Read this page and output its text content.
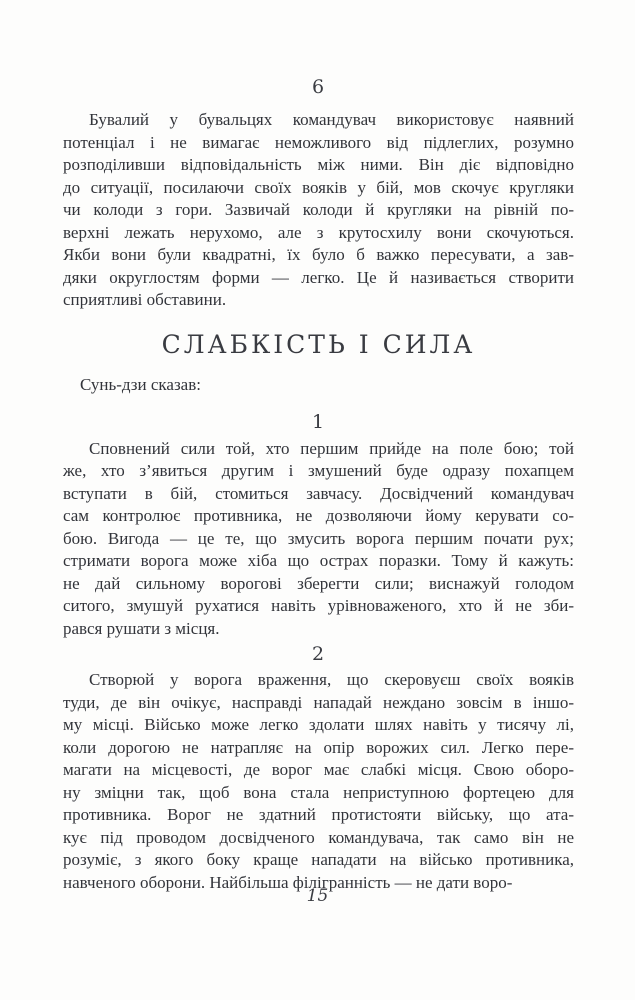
6
Бувалий у бувальцях командувач використовує наявний
потенціал і не вимагає неможливого від підлеглих, розумно
розподіливши відповідальність між ними. Він діє відповідно
до ситуації, посилаючи своїх вояків у бій, мов скочує кругляки
чи колоди з гори. Зазвичай колоди й кругляки на рівній по-
верхні лежать нерухомо, але з крутосхилу вони скочуються.
Якби вони були квадратні, їх було б важко пересувати, а зав-
дяки округлостям форми — легко. Це й називається створити
сприятливі обставини.
СЛАБКІСТЬ І СИЛА
Сунь-дзи сказав:
1
Сповнений сили той, хто першим прийде на поле бою; той
же, хто з’явиться другим і змушений буде одразу похапцем
вступати в бій, стомиться завчасу. Досвідчений командувач
сам контролює противника, не дозволяючи йому керувати со-
бою. Вигода — це те, що змусить ворога першим почати рух;
стримати ворога може хіба що острах поразки. Тому й кажуть:
не дай сильному ворогові зберегти сили; виснажуй голодом
ситого, змушуй рухатися навіть урівноваженого, хто й не зби-
рався рушати з місця.
2
Створюй у ворога враження, що скеровуєш своїх вояків
туди, де він очікує, насправді нападай неждано зовсім в іншо-
му місці. Військо може легко здолати шлях навіть у тисячу лі,
коли дорогою не натрапляє на опір ворожих сил. Легко пере-
магати на місцевості, де ворог має слабкі місця. Свою оборо-
ну зміцни так, щоб вона стала неприступною фортецею для
противника. Ворог не здатний протистояти війську, що ата-
кує під проводом досвідченого командувача, так само він не
розуміє, з якого боку краще нападати на військо противника,
навченого оборони. Найбільша філігранність — не дати воро-
15
